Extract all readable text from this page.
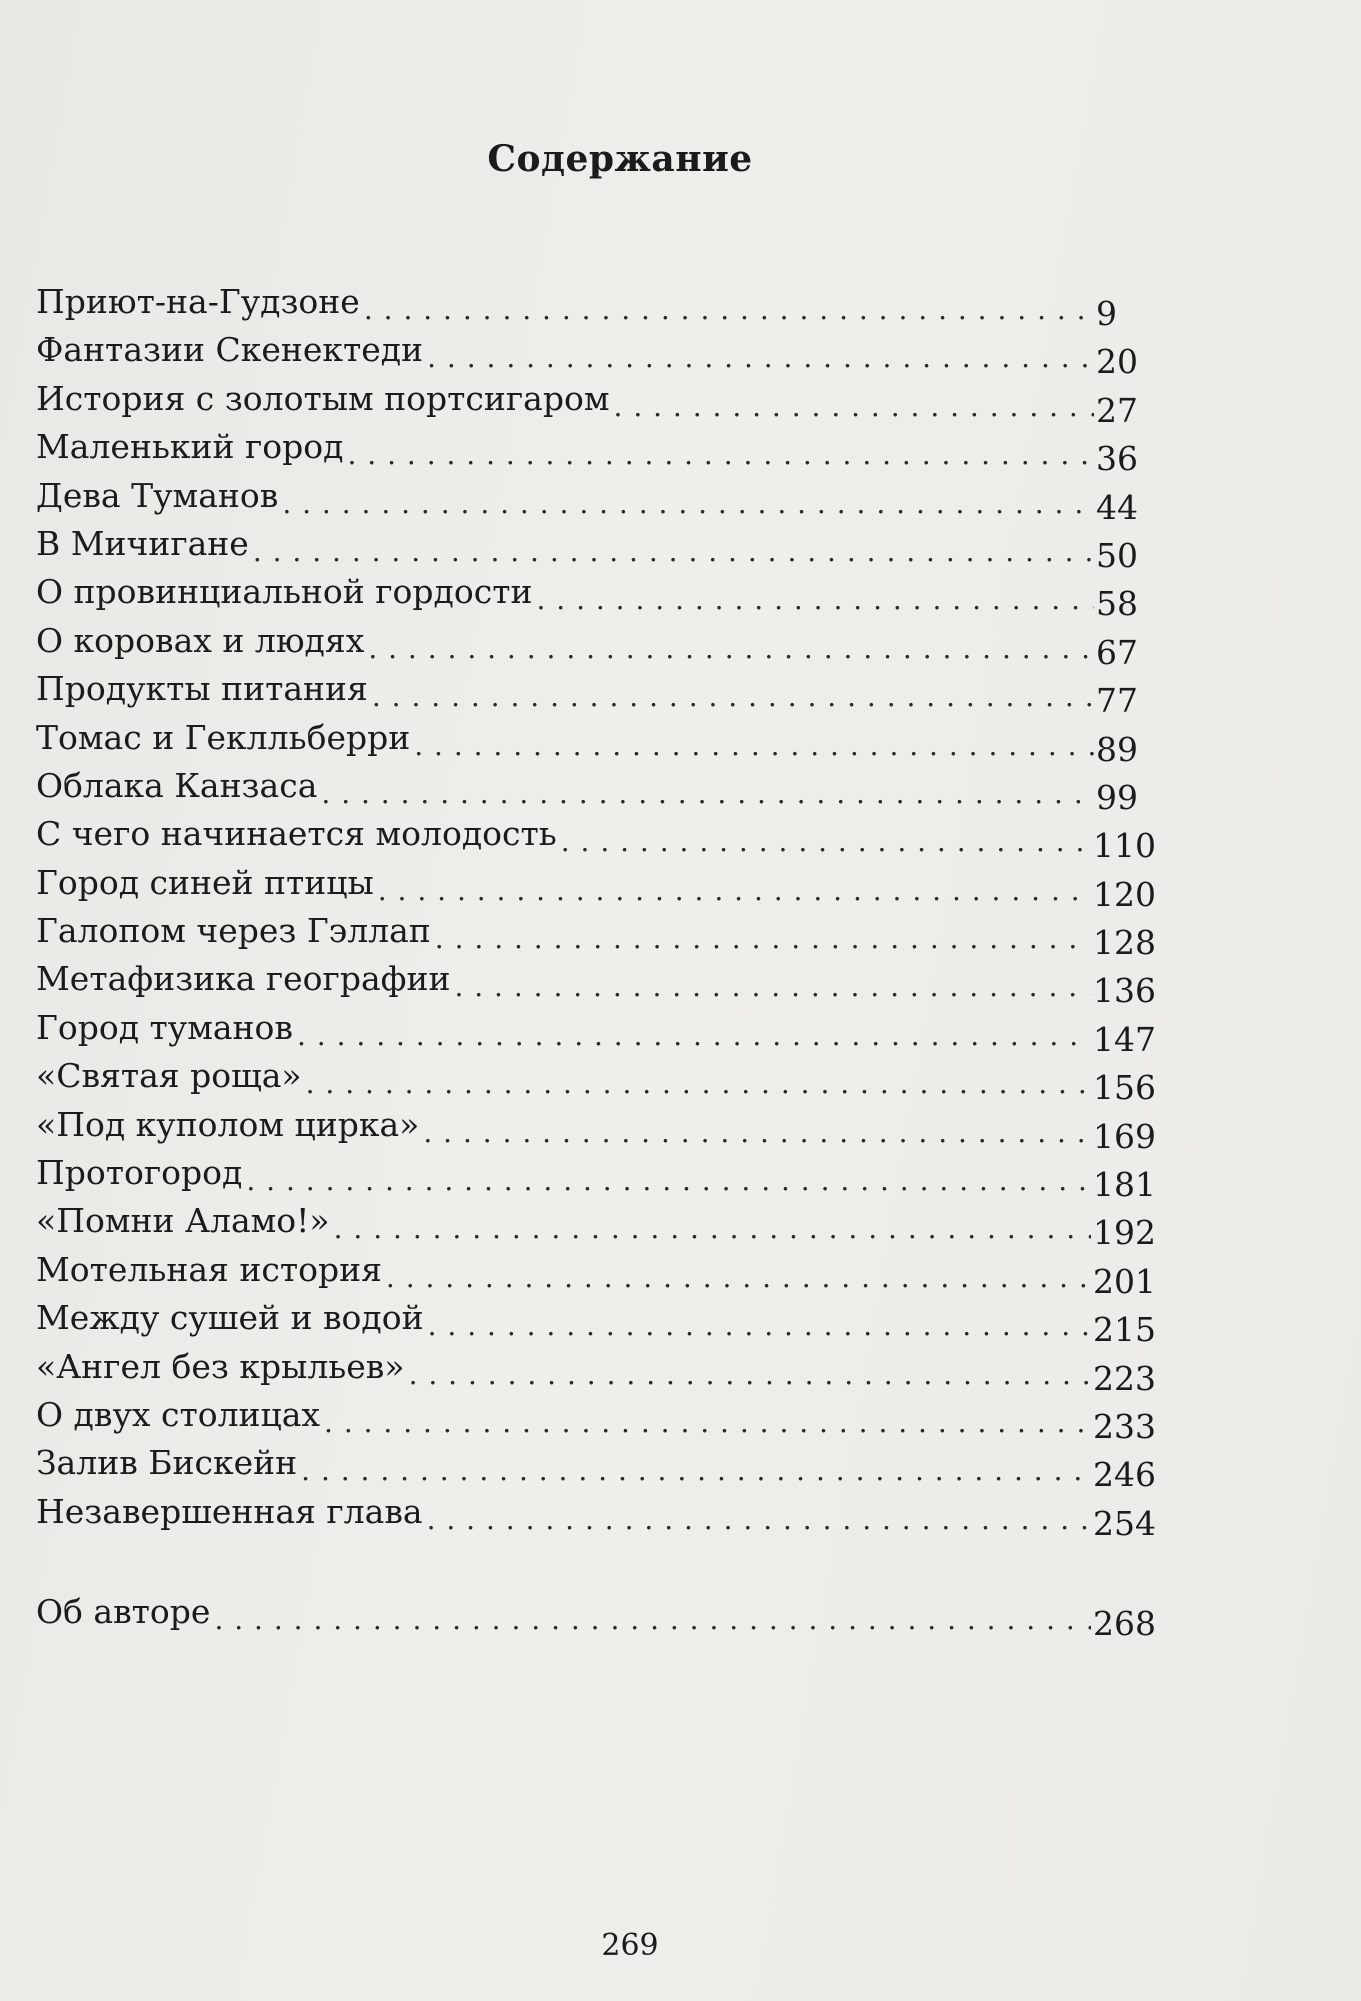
Содержание
Приют-на-Гудзоне . . .	9
Фантазии Скенектеди . . .	20
История с золотым портсигаром . . .	27
Маленький город . . .	36
Дева Туманов . . .	44
В Мичигане . . .	50
О провинциальной гордости . . .	58
О коровах и людях . . .	67
Продукты питания . . .	77
Томас и Геклльберри . . .	89
Облака Канзаса . . .	99
С чего начинается молодость . . .	110
Город синей птицы . . .	120
Галопом через Гэллап . . .	128
Метафизика географии . . .	136
Город туманов . . .	147
«Святая роща» . . .	156
«Под куполом цирка» . . .	169
Протогород . . .	181
«Помни Аламо!» . . .	192
Мотельная история . . .	201
Между сушей и водой . . .	215
«Ангел без крыльев» . . .	223
О двух столицах . . .	233
Залив Бискейн . . .	246
Незавершенная глава . . .	254
Об авторе . . .	268
269
